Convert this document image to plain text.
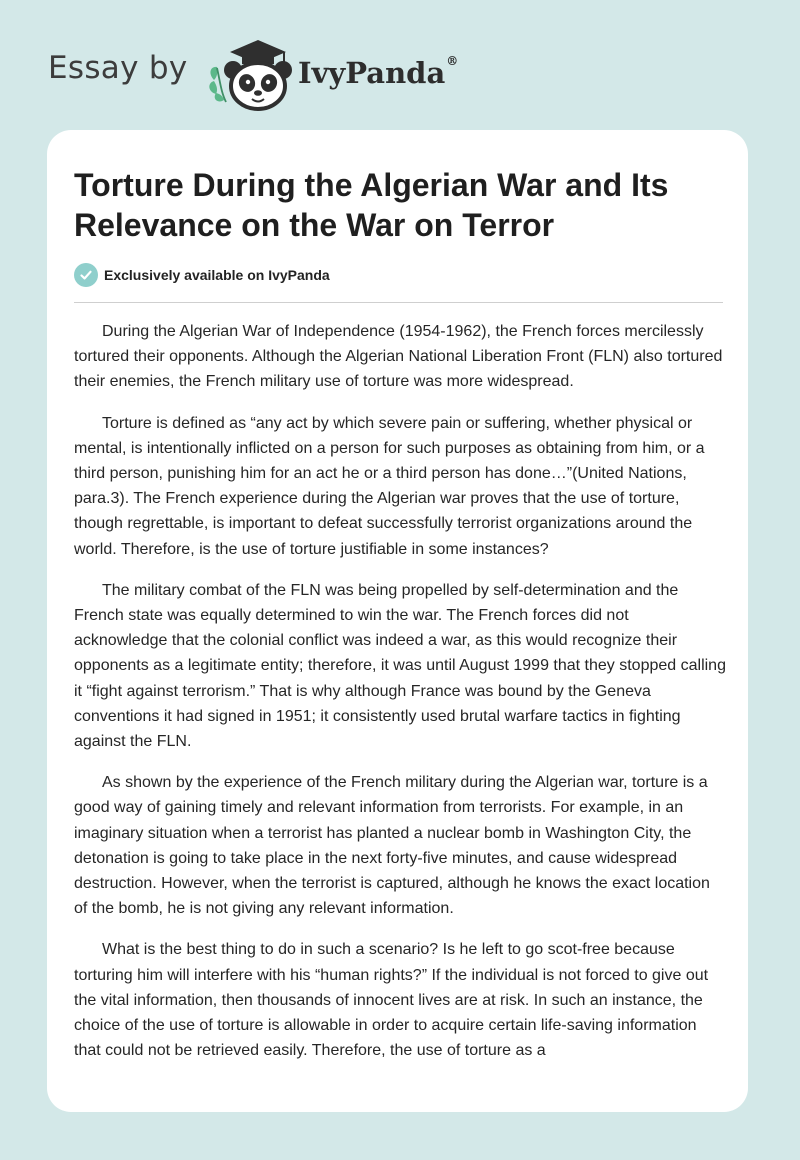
Essay by	IvyPanda®
Torture During the Algerian War and Its Relevance on the War on Terror
Exclusively available on IvyPanda

During the Algerian War of Independence (1954-1962), the French forces mercilessly tortured their opponents. Although the Algerian National Liberation Front (FLN) also tortured their enemies, the French military use of torture was more widespread.

Torture is defined as “any act by which severe pain or suffering, whether physical or mental, is intentionally inflicted on a person for such purposes as obtaining from him, or a third person, punishing him for an act he or a third person has done…”(United Nations, para.3). The French experience during the Algerian war proves that the use of torture, though regrettable, is important to defeat successfully terrorist organizations around the world. Therefore, is the use of torture justifiable in some instances?

The military combat of the FLN was being propelled by self-determination and the French state was equally determined to win the war. The French forces did not acknowledge that the colonial conflict was indeed a war, as this would recognize their opponents as a legitimate entity; therefore, it was until August 1999 that they stopped calling it “fight against terrorism.” That is why although France was bound by the Geneva conventions it had signed in 1951; it consistently used brutal warfare tactics in fighting against the FLN.

As shown by the experience of the French military during the Algerian war, torture is a good way of gaining timely and relevant information from terrorists. For example, in an imaginary situation when a terrorist has planted a nuclear bomb in Washington City, the detonation is going to take place in the next forty-five minutes, and cause widespread destruction. However, when the terrorist is captured, although he knows the exact location of the bomb, he is not giving any relevant information.

What is the best thing to do in such a scenario? Is he left to go scot-free because torturing him will interfere with his “human rights?” If the individual is not forced to give out the vital information, then thousands of innocent lives are at risk. In such an instance, the choice of the use of torture is allowable in order to acquire certain life-saving information that could not be retrieved easily. Therefore, the use of torture as a
